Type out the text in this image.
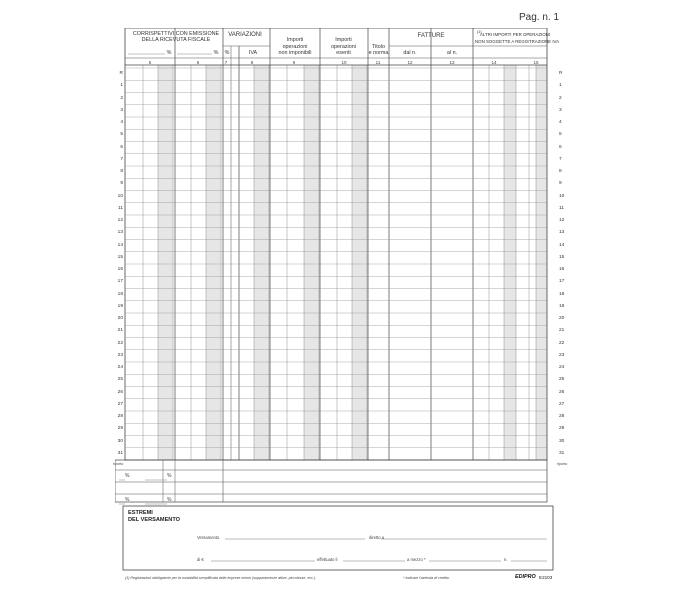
Pag. n. 1
CORRISPETTIVI CON EMISSIONE
DELLA RICEVUTA FISCALE
%	%
VARIAZIONI
%	IVA
Importi
operazioni
non imponibili
Importi
operazioni
esenti
Titolo
e norma
FATTURE
dal n.	al n.
(1)
ALTRI IMPORTI PER OPERAZIONI
NON SOGGETTE A REGISTRAZIONE IVA
5	6	7	8	9	10	11	12	13	14	15
R	R
1	1
2	2
3	3
4	4
5	5
6	6
7	7
8	8
9	9
10	10
11	11
12	12
13	13
14	14
15	15
16	16
17	17
18	18
19	19
20	20
21	21
22	22
23	23
24	24
25	25
26	26
27	27
28	28
29	29
30	30
31	31
riporto	riporto
%	%
%	%
ESTREMI
DEL VERSAMENTO
Versamento	diretto a
di €	effettuato il	a mezzo *	n.
(1) Registrazioni obbligatorie per la contabilità semplificata delle imprese minori (supparamenze attive, piccolezze, ecc.).	* Indicare l'azienda di credito.	EDIPRO E2103
